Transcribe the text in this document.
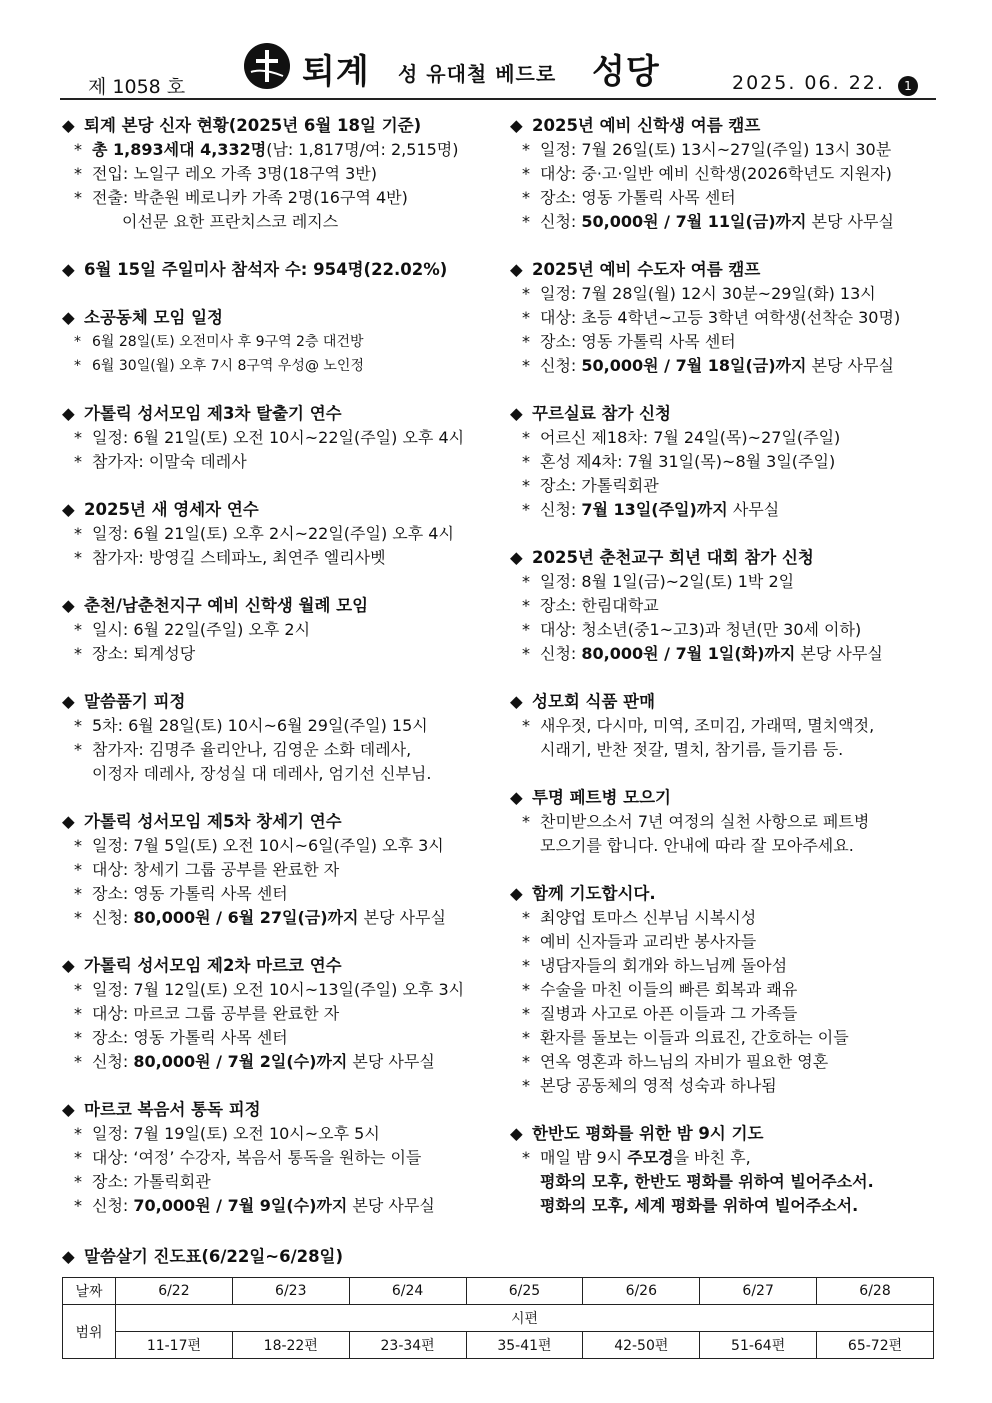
제 1058 호	퇴계 성 유대철 베드로 성당	2025. 06. 22.	1
◆ 퇴계 본당 신자 현황(2025년 6월 18일 기준)
* 총 1,893세대 4,332명(남: 1,817명/여: 2,515명)
* 전입: 노일구 레오 가족 3명(18구역 3반)
* 전출: 박춘원 베로니카 가족 2명(16구역 4반)
이선문 요한 프란치스코 레지스
◆ 6월 15일 주일미사 참석자 수: 954명(22.02%)
◆ 소공동체 모임 일정
* 6월 28일(토) 오전미사 후 9구역 2층 대건방
* 6월 30일(월) 오후 7시 8구역 우성@ 노인정
◆ 가톨릭 성서모임 제3차 탈출기 연수
* 일정: 6월 21일(토) 오전 10시~22일(주일) 오후 4시
* 참가자: 이말숙 데레사
◆ 2025년 새 영세자 연수
* 일정: 6월 21일(토) 오후 2시~22일(주일) 오후 4시
* 참가자: 방영길 스테파노, 최연주 엘리사벳
◆ 춘천/남춘천지구 예비 신학생 월례 모임
* 일시: 6월 22일(주일) 오후 2시
* 장소: 퇴계성당
◆ 말씀품기 피정
* 5차: 6월 28일(토) 10시~6월 29일(주일) 15시
* 참가자: 김명주 율리안나, 김영운 소화 데레사,
이정자 데레사, 장성실 대 데레사, 엄기선 신부님.
◆ 가톨릭 성서모임 제5차 창세기 연수
* 일정: 7월 5일(토) 오전 10시~6일(주일) 오후 3시
* 대상: 창세기 그룹 공부를 완료한 자
* 장소: 영동 가톨릭 사목 센터
* 신청: 80,000원 / 6월 27일(금)까지 본당 사무실
◆ 가톨릭 성서모임 제2차 마르코 연수
* 일정: 7월 12일(토) 오전 10시~13일(주일) 오후 3시
* 대상: 마르코 그룹 공부를 완료한 자
* 장소: 영동 가톨릭 사목 센터
* 신청: 80,000원 / 7월 2일(수)까지 본당 사무실
◆ 마르코 복음서 통독 피정
* 일정: 7월 19일(토) 오전 10시~오후 5시
* 대상: ‘여정’ 수강자, 복음서 통독을 원하는 이들
* 장소: 가톨릭회관
* 신청: 70,000원 / 7월 9일(수)까지 본당 사무실
◆ 2025년 예비 신학생 여름 캠프
* 일정: 7월 26일(토) 13시~27일(주일) 13시 30분
* 대상: 중·고·일반 예비 신학생(2026학년도 지원자)
* 장소: 영동 가톨릭 사목 센터
* 신청: 50,000원 / 7월 11일(금)까지 본당 사무실
◆ 2025년 예비 수도자 여름 캠프
* 일정: 7월 28일(월) 12시 30분~29일(화) 13시
* 대상: 초등 4학년~고등 3학년 여학생(선착순 30명)
* 장소: 영동 가톨릭 사목 센터
* 신청: 50,000원 / 7월 18일(금)까지 본당 사무실
◆ 꾸르실료 참가 신청
* 어르신 제18차: 7월 24일(목)~27일(주일)
* 혼성 제4차: 7월 31일(목)~8월 3일(주일)
* 장소: 가톨릭회관
* 신청: 7월 13일(주일)까지 사무실
◆ 2025년 춘천교구 희년 대회 참가 신청
* 일정: 8월 1일(금)~2일(토) 1박 2일
* 장소: 한림대학교
* 대상: 청소년(중1~고3)과 청년(만 30세 이하)
* 신청: 80,000원 / 7월 1일(화)까지 본당 사무실
◆ 성모회 식품 판매
* 새우젓, 다시마, 미역, 조미김, 가래떡, 멸치액젓,
시래기, 반찬 젓갈, 멸치, 참기름, 들기름 등.
◆ 투명 페트병 모으기
* 찬미받으소서 7년 여정의 실천 사항으로 페트병
모으기를 합니다. 안내에 따라 잘 모아주세요.
◆ 함께 기도합시다.
* 최양업 토마스 신부님 시복시성
* 예비 신자들과 교리반 봉사자들
* 냉담자들의 회개와 하느님께 돌아섬
* 수술을 마친 이들의 빠른 회복과 쾌유
* 질병과 사고로 아픈 이들과 그 가족들
* 환자를 돌보는 이들과 의료진, 간호하는 이들
* 연옥 영혼과 하느님의 자비가 필요한 영혼
* 본당 공동체의 영적 성숙과 하나됨
◆ 한반도 평화를 위한 밤 9시 기도
* 매일 밤 9시 주모경을 바친 후,
평화의 모후, 한반도 평화를 위하여 빌어주소서.
평화의 모후, 세계 평화를 위하여 빌어주소서.
◆ 말씀살기 진도표(6/22일~6/28일)
날짜	6/22	6/23	6/24	6/25	6/26	6/27	6/28
범위	시편						
	11-17편	18-22편	23-34편	35-41편	42-50편	51-64편	65-72편
